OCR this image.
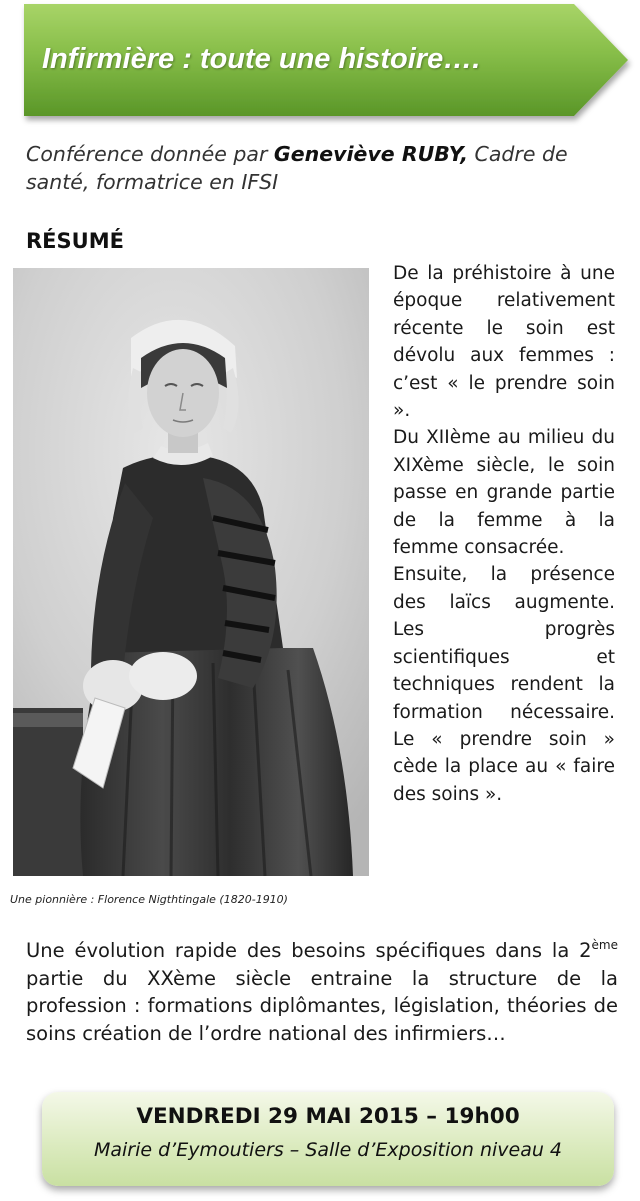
Infirmière : toute une histoire….
Conférence donnée par Geneviève RUBY, Cadre de santé, formatrice en IFSI
RÉSUMÉ
Une pionnière : Florence Nigthtingale (1820-1910)

De la préhistoire à une époque relativement récente le soin est dévolu aux femmes : c’est « le prendre soin ».

Du XIIème au milieu du XIXème siècle, le soin passe en grande partie de la femme à la femme consacrée.

Ensuite, la présence des laïcs augmente. Les progrès scientifiques et techniques rendent la formation nécessaire. Le « prendre soin » cède la place au « faire des soins ».

Une évolution rapide des besoins spécifiques dans la 2ème partie du XXème siècle entraine la structure de la profession : formations diplômantes, législation, théories de soins création de l’ordre national des infirmiers…
VENDREDI 29 MAI 2015 – 19h00
Mairie d’Eymoutiers – Salle d’Exposition niveau 4
